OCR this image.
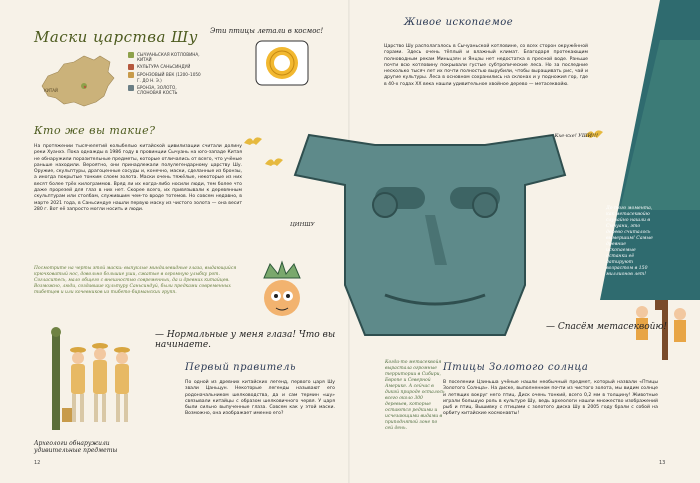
Маски царства Шу
КИТАЙ
СЫЧУАНЬСКАЯ КОТЛОВИНА, КИТАЙ
КУЛЬТУРА САНЬСИНДУЙ
БРОНЗОВЫЙ ВЕК (1200–1050 Г. ДО Н. Э.)
БРОНЗА, ЗОЛОТО, СЛОНОВАЯ КОСТЬ
Кто же вы такие?
На протяжении тысячелетий колыбелью китайской цивилизации считали долину реки Хуанхэ. Пока однажды в 1986 году в провинции Сычуань на юго-западе Китая не обнаружили поразительные предметы, которые отличались от всего, что учёные раньше находили. Вероятно, они принадлежали полулегендарному царству Шу. Оружие, скульптуры, драгоценные сосуды и, конечно, маски, сделанные из бронзы, а иногда покрытые тонким слоем золота. Маски очень тяжёлые, некоторые из них весят более трёх килограммов. Вряд ли их когда-либо носили люди, тем более что даже прорезей для глаз в них нет. Скорее всего, их привязывали к деревянным скульптурам или столбам, служившим чем-то вроде тотемов. Но совсем недавно, в марте 2021 года, в Саньсиндуе нашли первую маску из чистого золота — она весит 280 г. Вот её запросто могли носить и люди.
Посмотрите на черты этой маски: выпуклые миндалевидные глаза, выдающийся крючковатый нос, довольно большие уши, сжатые в огромную улыбку рот. Согласитесь, мало общего с внешностью современных, да и древних китайцев. Возможно, люди, создавшие культуру Саньсиндуй, были предками современных тибетцев и или кочевников из тибето-бирманских групп.
— Нормальные у меня глаза! Что вы начинаете.
Эти птицы летали в космос!
Археологи обнаружили удивительные предметы
Первый правитель
По одной из древних китайских легенд, первого царя Шу звали Цаньцун. Некоторые легенды называют его родоначальником шелководства, да и сам термин «шу» связывали китайцы с образом шелковичного червя. У царя были сильно выпученные глаза. Совсем как у этой маски. Возможно, она изображает именно его?
12
ЦИНШУ
Живое ископаемое
Царство Шу располагалось в Сычуаньской котловине, со всех сторон окружённой горами. Здесь очень тёплый и влажный климат. Благодаря протекающим полноводным рекам Миньцзян и Янцзы нет недостатка в пресной воде. Раньше почти всю котловину покрывали густые субтропические леса. Но за последние несколько тысяч лет их почти полностью вырубили, чтобы выращивать рис, чай и другие культуры. Леса в основном сохранились на склонах и у подножия гор, где в 40-х годах XX века нашли удивительное хвойное дерево — метасеквойю.
— Кхе-кхе! УШИ!!!
До того момента, как метасеквойю случайно нашли в Сычуани, это дерево считалось вымершим! Самые древние ископаемые останки её датируют возрастом в 150 миллионов лет!
— Спасём метасеквойю!
Когда-то метасеквойя вырастала огромные территории в Сибири, Европе и Северной Америке. А сейчас в дикой природе осталось всего около 300 деревьев, которые остаются редкими и исчезающими видами в приподнятой зоне по сей день.
Птицы Золотого солнца
В поселении Цзиньша учёные нашли необычный предмет, который назвали «Птицы Золотого Солнца». На диске, выполненном почти из чистого золота, мы видим солнце и летящих вокруг него птиц. Диск очень тонкий, всего 0,2 мм в толщину! Животные играли большую роль в культуре Шу, ведь археологи нашли множество изображений рыб и птиц. Вышивку с птицами с золотого диска Шу в 2005 году брали с собой на орбиту китайские космонавты!
13
